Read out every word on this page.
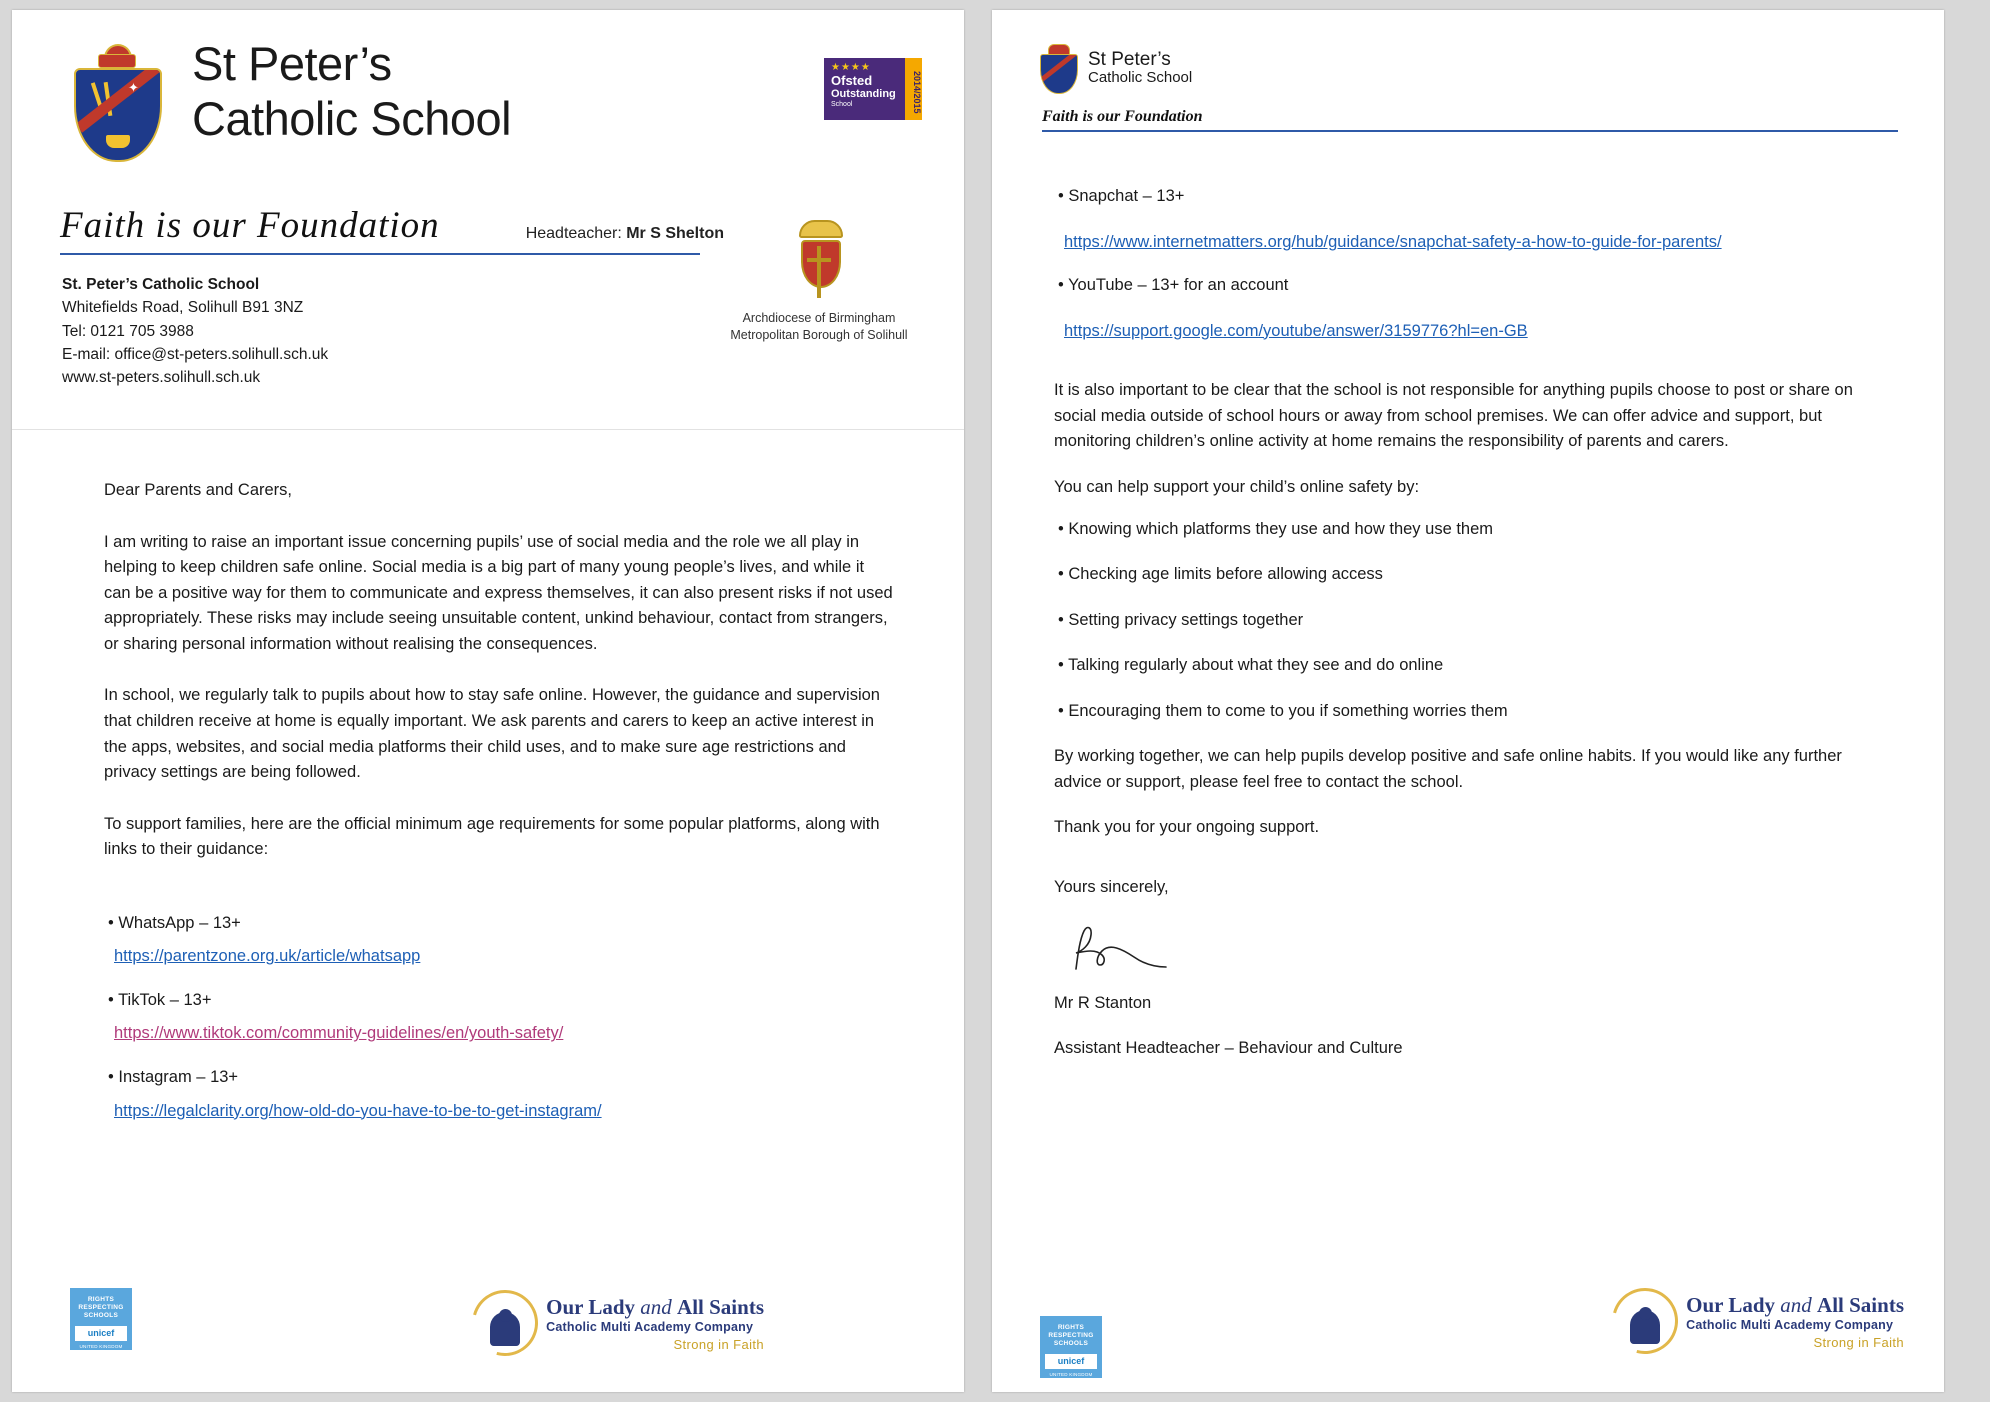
✦ St Peter’s
Catholic School
★★★★
Ofsted
Outstanding
School	2014/2015
Faith is our Foundation	Headteacher: Mr S Shelton
St. Peter’s Catholic School
Whitefields Road, Solihull B91 3NZ
Tel: 0121 705 3988
E-mail: office@st-peters.solihull.sch.uk
www.st-peters.solihull.sch.uk
Archdiocese of Birmingham
Metropolitan Borough of Solihull

Dear Parents and Carers,

I am writing to raise an important issue concerning pupils’ use of social media and the role we all play in helping to keep children safe online. Social media is a big part of many young people’s lives, and while it can be a positive way for them to communicate and express themselves, it can also present risks if not used appropriately. These risks may include seeing unsuitable content, unkind behaviour, contact from strangers, or sharing personal information without realising the consequences.

In school, we regularly talk to pupils about how to stay safe online. However, the guidance and supervision that children receive at home is equally important. We ask parents and carers to keep an active interest in the apps, websites, and social media platforms their child uses, and to make sure age restrictions and privacy settings are being followed.

To support families, here are the official minimum age requirements for some popular platforms, along with links to their guidance:

• WhatsApp – 13+
https://parentzone.org.uk/article/whatsapp
• TikTok – 13+
https://www.tiktok.com/community-guidelines/en/youth-safety/
• Instagram – 13+
https://legalclarity.org/how-old-do-you-have-to-be-to-get-instagram/
RIGHTS RESPECTING SCHOOLS
unicef
UNITED KINGDOM
Our Lady and All Saints
Catholic Multi Academy Company
Strong in Faith
St Peter’s
Catholic School
Faith is our Foundation
• Snapchat – 13+
https://www.internetmatters.org/hub/guidance/snapchat-safety-a-how-to-guide-for-parents/
• YouTube – 13+ for an account
https://support.google.com/youtube/answer/3159776?hl=en-GB

It is also important to be clear that the school is not responsible for anything pupils choose to post or share on social media outside of school hours or away from school premises. We can offer advice and support, but monitoring children’s online activity at home remains the responsibility of parents and carers.

You can help support your child’s online safety by:

• Knowing which platforms they use and how they use them
• Checking age limits before allowing access
• Setting privacy settings together
• Talking regularly about what they see and do online
• Encouraging them to come to you if something worries them

By working together, we can help pupils develop positive and safe online habits. If you would like any further advice or support, please feel free to contact the school.

Thank you for your ongoing support.

Yours sincerely,

Mr R Stanton

Assistant Headteacher – Behaviour and Culture

RIGHTS RESPECTING SCHOOLS
unicef
UNITED KINGDOM
Our Lady and All Saints
Catholic Multi Academy Company
Strong in Faith
